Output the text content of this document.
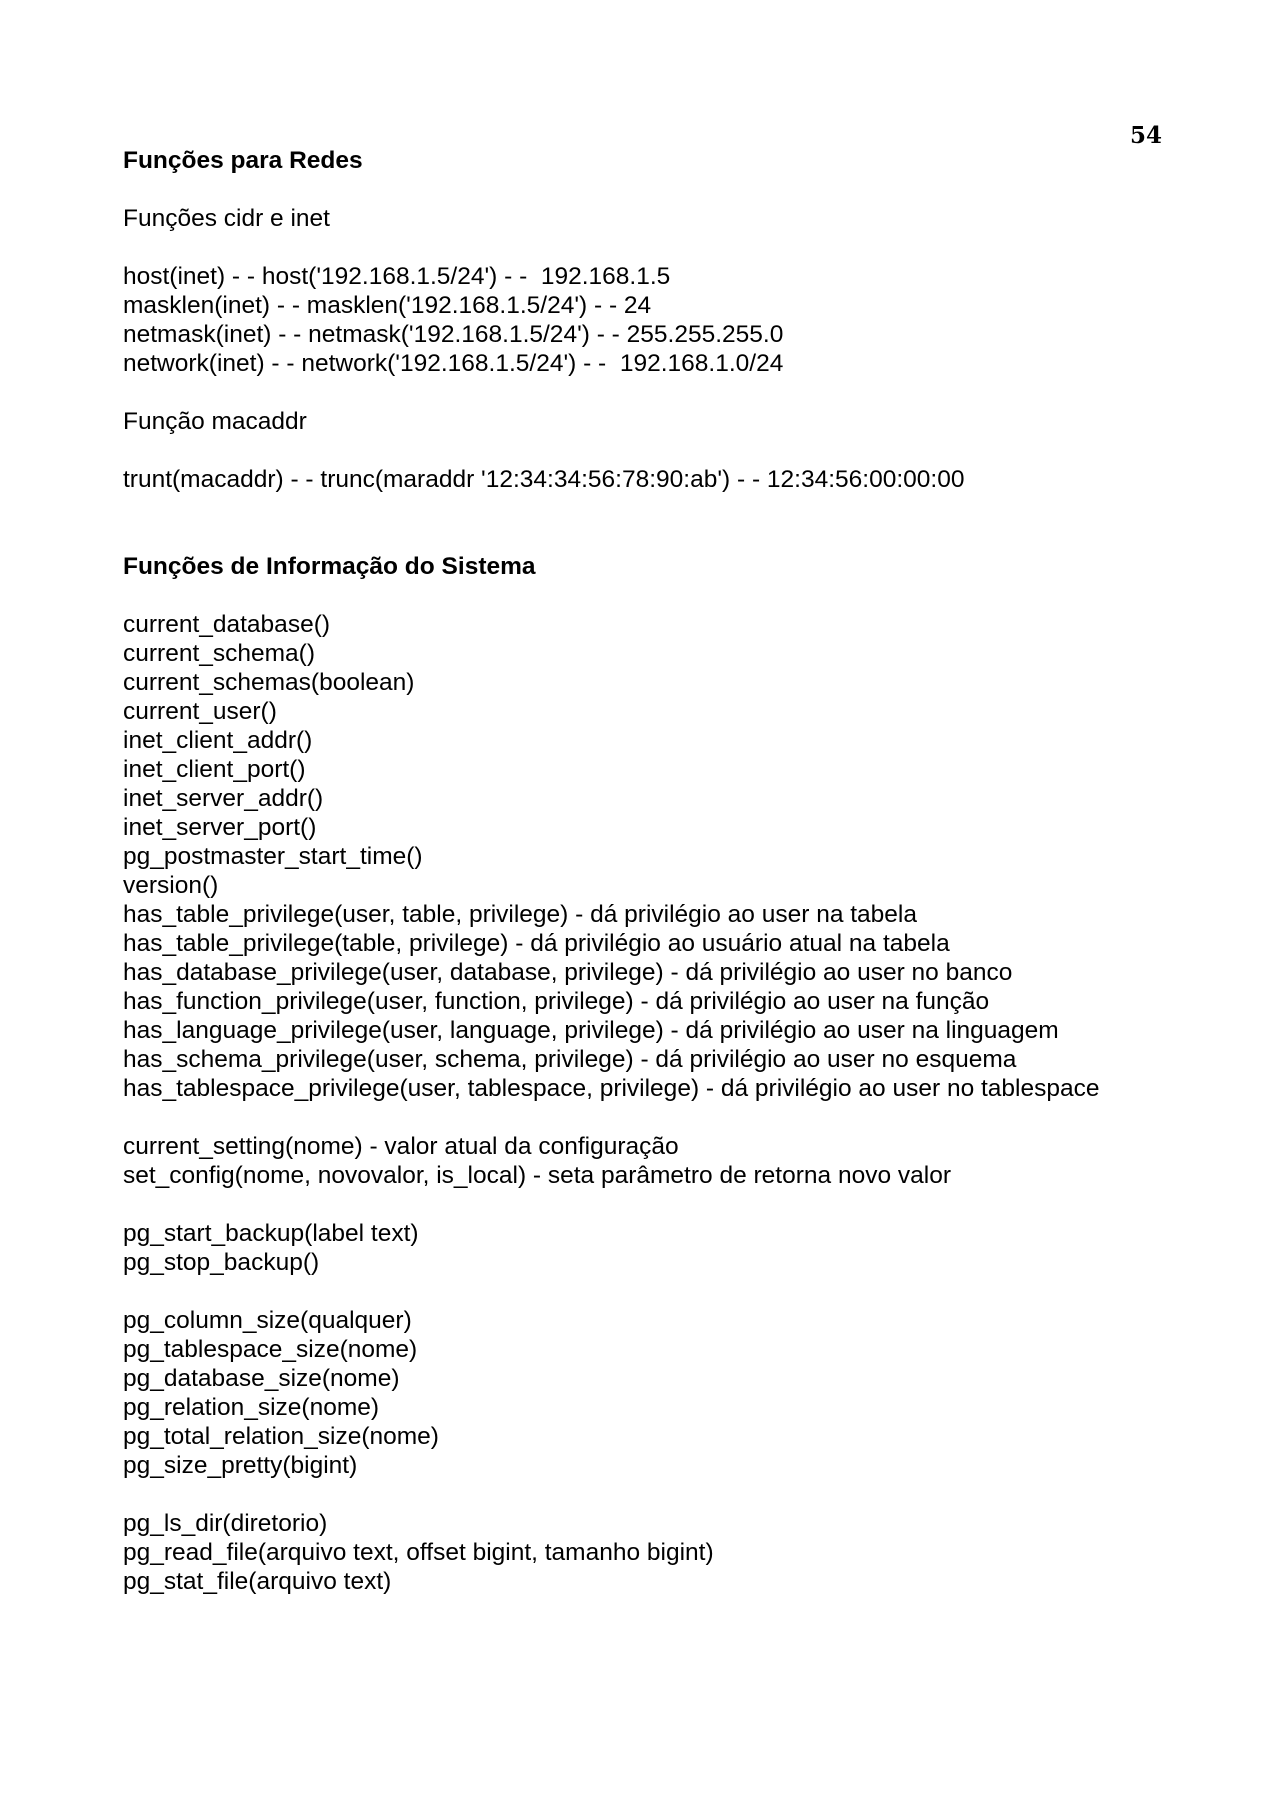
54
Funções para Redes
Funções cidr e inet
host(inet) - - host('192.168.1.5/24') - -  192.168.1.5
masklen(inet) - - masklen('192.168.1.5/24') - - 24
netmask(inet) - - netmask('192.168.1.5/24') - - 255.255.255.0
network(inet) - - network('192.168.1.5/24') - -  192.168.1.0/24
Função macaddr
trunt(macaddr) - - trunc(maraddr '12:34:34:56:78:90:ab') - - 12:34:56:00:00:00
Funções de Informação do Sistema
current_database()
current_schema()
current_schemas(boolean)
current_user()
inet_client_addr()
inet_client_port()
inet_server_addr()
inet_server_port()
pg_postmaster_start_time()
version()
has_table_privilege(user, table, privilege) - dá privilégio ao user na tabela
has_table_privilege(table, privilege) - dá privilégio ao usuário atual na tabela
has_database_privilege(user, database, privilege) - dá privilégio ao user no banco
has_function_privilege(user, function, privilege) - dá privilégio ao user na função
has_language_privilege(user, language, privilege) - dá privilégio ao user na linguagem
has_schema_privilege(user, schema, privilege) - dá privilégio ao user no esquema
has_tablespace_privilege(user, tablespace, privilege) - dá privilégio ao user no tablespace
current_setting(nome) - valor atual da configuração
set_config(nome, novovalor, is_local) - seta parâmetro de retorna novo valor
pg_start_backup(label text)
pg_stop_backup()
pg_column_size(qualquer)
pg_tablespace_size(nome)
pg_database_size(nome)
pg_relation_size(nome)
pg_total_relation_size(nome)
pg_size_pretty(bigint)
pg_ls_dir(diretorio)
pg_read_file(arquivo text, offset bigint, tamanho bigint)
pg_stat_file(arquivo text)
